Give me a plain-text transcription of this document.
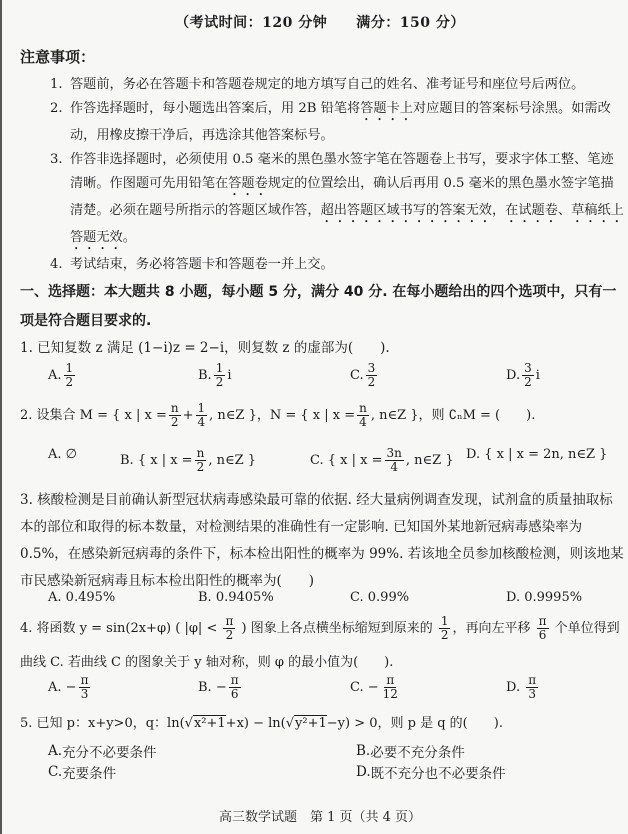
（考试时间：120 分钟　　满分：150 分）
注意事项：
1. 答题前，务必在答题卡和答题卷规定的地方填写自己的姓名、准考证号和座位号后两位。
2. 作答选择题时，每小题选出答案后，用 2B 铅笔将答题卡上对应题目的答案标号涂黑。如需改动，用橡皮擦干净后，再选涂其他答案标号。
3. 作答非选择题时，必须使用 0.5 毫米的黑色墨水签字笔在答题卷上书写，要求字体工整、笔迹清晰。作图题可先用铅笔在答题卷规定的位置绘出，确认后再用 0.5 毫米的黑色墨水签字笔描清楚。必须在题号所指示的答题区域作答，超出答题区域书写的答案无效，在试题卷、草稿纸上答题无效。
4. 考试结束，务必将答题卡和答题卷一并上交。
一、选择题：本大题共 8 小题，每小题 5 分，满分 40 分. 在每小题给出的四个选项中，只有一项是符合题目要求的.
1. 已知复数 z 满足 (1−i)z = 2−i，则复数 z 的虚部为(　　).
A. $\frac{1}{2}$	B. $\frac{1}{2}$ i	C. $\frac{3}{2}$	D. $\frac{3}{2}$ i
2. 设集合 M = { x | $x = \frac{n}{2} + \frac{1}{4}$ , n∈Z }，N = { x | $x = \frac{n}{4}$ , n∈Z }，则 ∁ₙM = (　　).
A.
∅	B.
{ x | $x = \frac{n}{2}$ , n∈Z }	C.
{ x | $x = \frac{3n}{4}$ , n∈Z } D.
{ x | x = 2n, n∈Z }
3. 核酸检测是目前确认新型冠状病毒感染最可靠的依据. 经大量病例调查发现，试剂盒的质量抽取标本的部位和取得的标本数量，对检测结果的准确性有一定影响. 已知国外某地新冠病毒感染率为 0.5%，在感染新冠病毒的条件下，标本检出阳性的概率为 99%. 若该地全员参加核酸检测，则该地某市民感染新冠病毒且标本检出阳性的概率为(　　)
A.
0.495%	B.
0.9405%	C.
0.99%	D.
0.9995%
4. 将函数 y = sin(2x+φ) ( $|\varphi| < \frac{\pi}{2}$ ) 图象上各点横坐标缩短到原来的 $\frac{1}{2}$ ，再向左平移 $\frac{\pi}{6}$ 个单位得到曲线 C. 若曲线 C 的图象关于 y 轴对称，则 φ 的最小值为(　　).
A.
− $\frac{\pi}{3}$	B.
− $\frac{\pi}{6}$	C.
− $\frac{\pi}{12}$	D.
$\frac{\pi}{3}$
5. 已知 p：x+y>0，q：ln(√x²+1+x) − ln(√y²+1−y) > 0，则 p 是 q 的(　　).
A. 充分不必要条件	B. 必要不充分条件
C. 充要条件	D. 既不充分也不必要条件
高三数学试题　第 1 页（共 4 页）
